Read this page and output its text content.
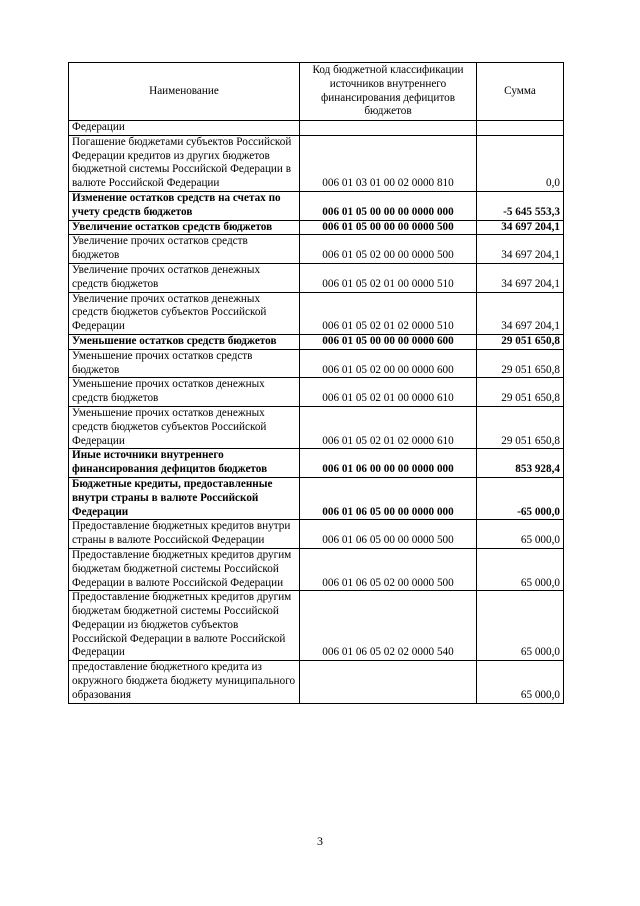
Наименование	Код бюджетной классификации источников внутреннего финансирования дефицитов бюджетов	Сумма
Федерации		
Погашение бюджетами субъектов Российской Федерации кредитов из других бюджетов бюджетной системы Российской Федерации в валюте Российской Федерации	006 01 03 01 00 02 0000 810	0,0
Изменение остатков средств на счетах по учету средств бюджетов	006 01 05 00 00 00 0000 000	-5 645 553,3
Увеличение остатков средств бюджетов	006 01 05 00 00 00 0000 500	34 697 204,1
Увеличение прочих остатков средств бюджетов	006 01 05 02 00 00 0000 500	34 697 204,1
Увеличение прочих остатков денежных средств бюджетов	006 01 05 02 01 00 0000 510	34 697 204,1
Увеличение прочих остатков денежных средств бюджетов субъектов Российской Федерации	006 01 05 02 01 02 0000 510	34 697 204,1
Уменьшение остатков средств бюджетов	006 01 05 00 00 00 0000 600	29 051 650,8
Уменьшение прочих остатков средств бюджетов	006 01 05 02 00 00 0000 600	29 051 650,8
Уменьшение прочих остатков денежных средств бюджетов	006 01 05 02 01 00 0000 610	29 051 650,8
Уменьшение прочих остатков денежных средств бюджетов субъектов Российской Федерации	006 01 05 02 01 02 0000 610	29 051 650,8
Иные источники внутреннего финансирования дефицитов бюджетов	006 01 06 00 00 00 0000 000	853 928,4
Бюджетные кредиты, предоставленные внутри страны в валюте Российской Федерации	006 01 06 05 00 00 0000 000	-65 000,0
Предоставление бюджетных кредитов внутри страны в валюте Российской Федерации	006 01 06 05 00 00 0000 500	65 000,0
Предоставление бюджетных кредитов другим бюджетам бюджетной системы Российской Федерации в валюте Российской Федерации	006 01 06 05 02 00 0000 500	65 000,0
Предоставление бюджетных кредитов другим бюджетам бюджетной системы Российской Федерации из бюджетов субъектов Российской Федерации в валюте Российской Федерации	006 01 06 05 02 02 0000 540	65 000,0
предоставление бюджетного кредита из окружного бюджета бюджету муниципального образования		65 000,0
3
